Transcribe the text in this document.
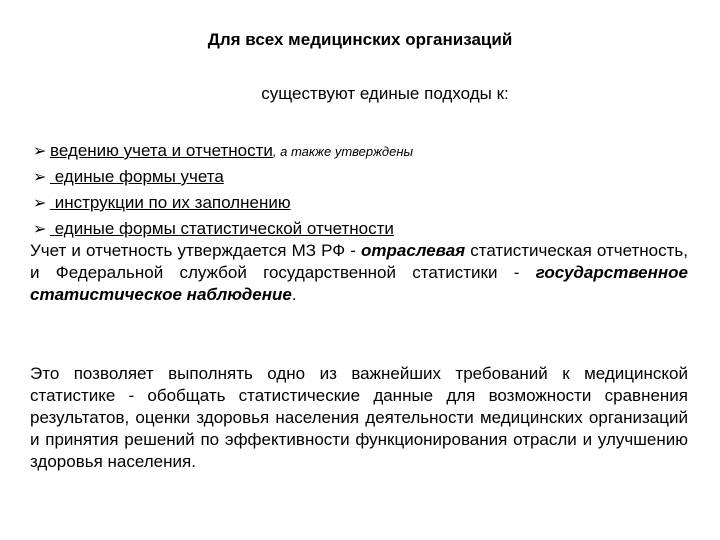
Для всех медицинских организаций
существуют единые подходы к:
➢ ведению учета и отчетности, а также утверждены
➢ единые формы учета
➢ инструкции по их заполнению
➢ единые формы статистической отчетности

Учет и отчетность утверждается МЗ РФ - отраслевая статистическая отчетность, и Федеральной службой государственной статистики - государственное статистическое наблюдение.

Это позволяет выполнять одно из важнейших требований к медицинской статистике - обобщать статистические данные для возможности сравнения результатов, оценки здоровья населения деятельности медицинских организаций и принятия решений по эффективности функционирования отрасли и улучшению здоровья населения.
